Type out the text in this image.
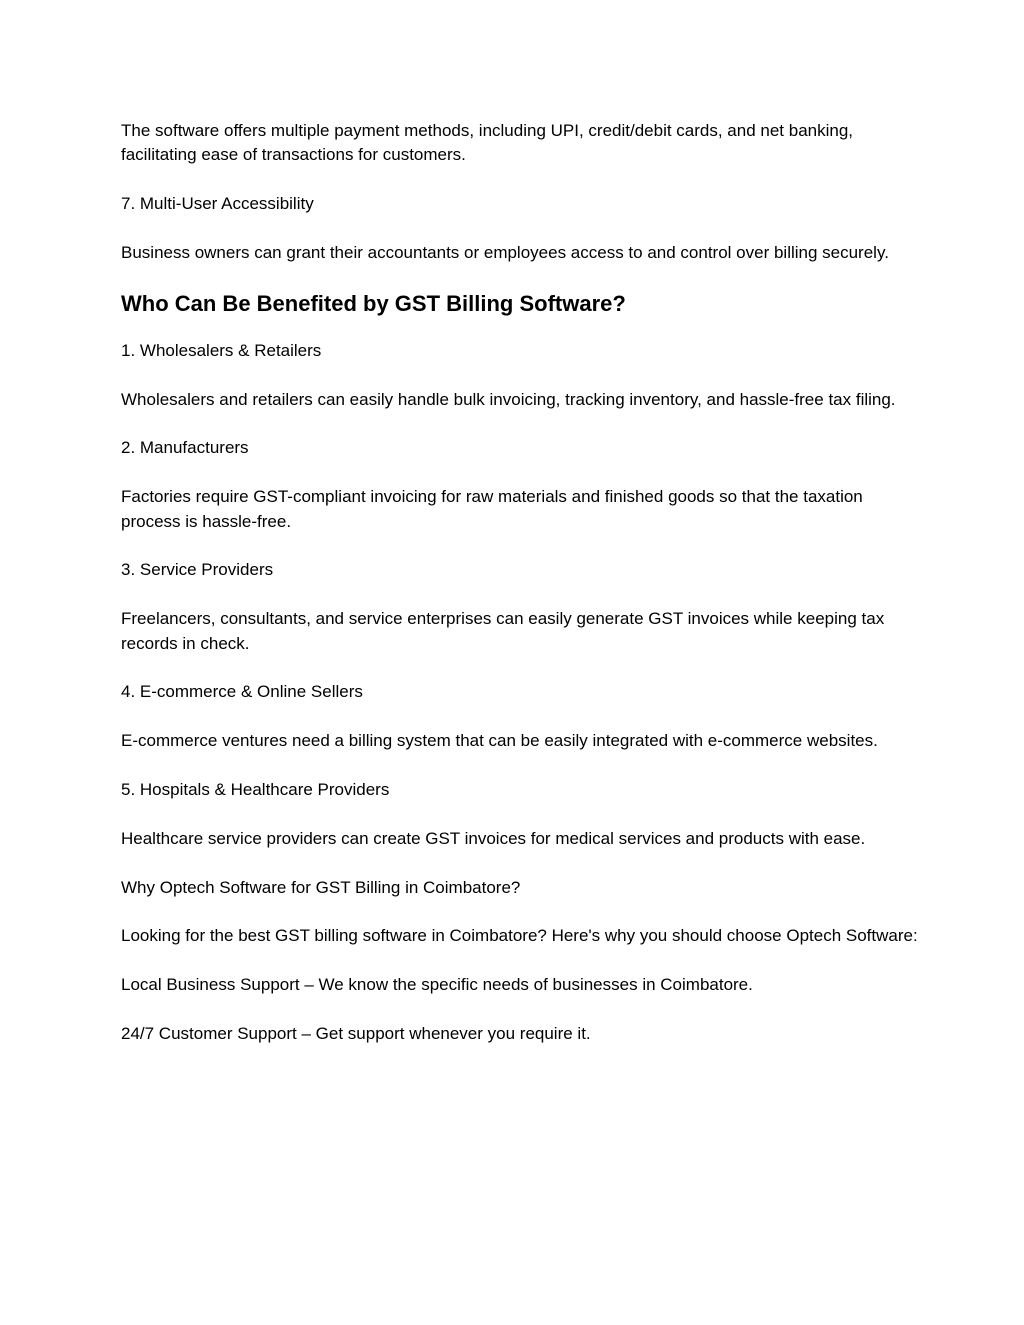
The software offers multiple payment methods, including UPI, credit/debit cards, and net banking, facilitating ease of transactions for customers.

7. Multi-User Accessibility

Business owners can grant their accountants or employees access to and control over billing securely.

Who Can Be Benefited by GST Billing Software?

1. Wholesalers & Retailers

Wholesalers and retailers can easily handle bulk invoicing, tracking inventory, and hassle-free tax filing.

2. Manufacturers

Factories require GST-compliant invoicing for raw materials and finished goods so that the taxation process is hassle-free.

3. Service Providers

Freelancers, consultants, and service enterprises can easily generate GST invoices while keeping tax records in check.

4. E-commerce & Online Sellers

E-commerce ventures need a billing system that can be easily integrated with e-commerce websites.

5. Hospitals & Healthcare Providers

Healthcare service providers can create GST invoices for medical services and products with ease.

Why Optech Software for GST Billing in Coimbatore?

Looking for the best GST billing software in Coimbatore? Here's why you should choose Optech Software:

Local Business Support – We know the specific needs of businesses in Coimbatore.

24/7 Customer Support – Get support whenever you require it.
